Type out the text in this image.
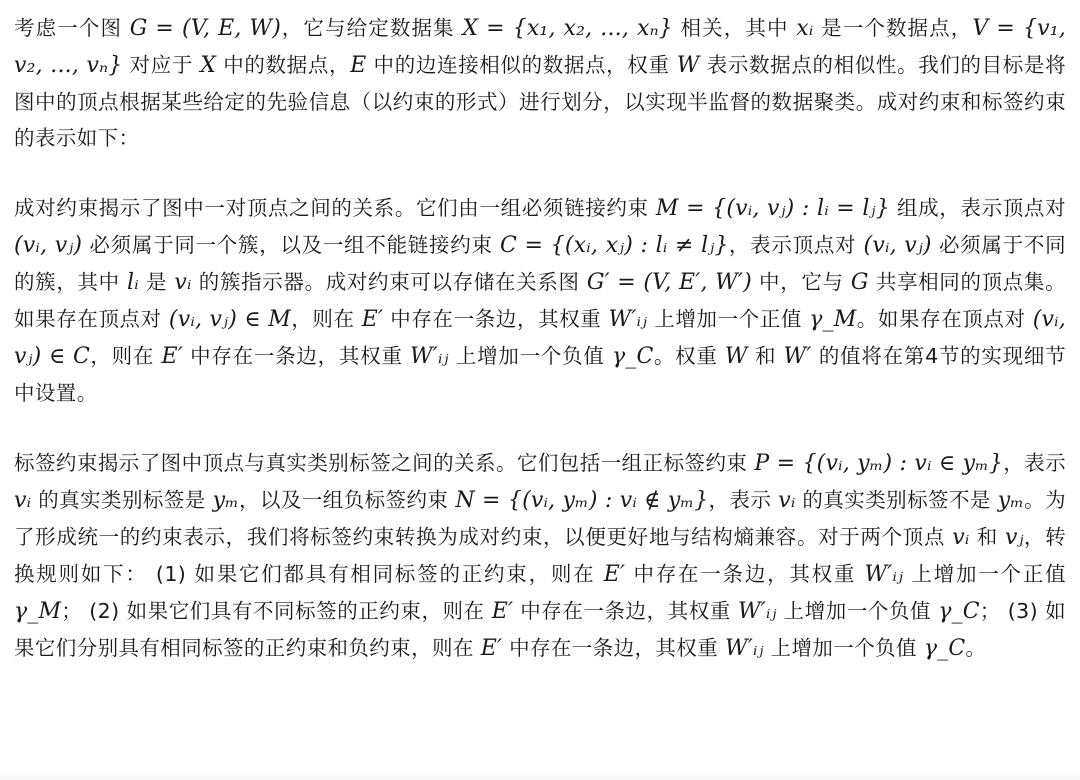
考虑一个图 G = (V, E, W)，它与给定数据集 X = {x₁, x₂, ..., xₙ} 相关，其中 xᵢ 是一个数据点，V = {v₁, v₂, ..., vₙ} 对应于 X 中的数据点，E 中的边连接相似的数据点，权重 W 表示数据点的相似性。我们的目标是将图中的顶点根据某些给定的先验信息（以约束的形式）进行划分，以实现半监督的数据聚类。成对约束和标签约束的表示如下：

成对约束揭示了图中一对顶点之间的关系。它们由一组必须链接约束 M = {(vᵢ, vⱼ) : lᵢ = lⱼ} 组成，表示顶点对 (vᵢ, vⱼ) 必须属于同一个簇，以及一组不能链接约束 C = {(xᵢ, xⱼ) : lᵢ ≠ lⱼ}，表示顶点对 (vᵢ, vⱼ) 必须属于不同的簇，其中 lᵢ 是 vᵢ 的簇指示器。成对约束可以存储在关系图 G′ = (V, E′, W′) 中，它与 G 共享相同的顶点集。如果存在顶点对 (vᵢ, vⱼ) ∈ M，则在 E′ 中存在一条边，其权重 W′ᵢⱼ 上增加一个正值 γ_M。如果存在顶点对 (vᵢ, vⱼ) ∈ C，则在 E′ 中存在一条边，其权重 W′ᵢⱼ 上增加一个负值 γ_C。权重 W 和 W′ 的值将在第4节的实现细节中设置。

标签约束揭示了图中顶点与真实类别标签之间的关系。它们包括一组正标签约束 P = {(vᵢ, yₘ) : vᵢ ∈ yₘ}，表示 vᵢ 的真实类别标签是 yₘ，以及一组负标签约束 N = {(vᵢ, yₘ) : vᵢ ∉ yₘ}，表示 vᵢ 的真实类别标签不是 yₘ。为了形成统一的约束表示，我们将标签约束转换为成对约束，以便更好地与结构熵兼容。对于两个顶点 vᵢ 和 vⱼ，转换规则如下： (1) 如果它们都具有相同标签的正约束，则在 E′ 中存在一条边，其权重 W′ᵢⱼ 上增加一个正值 γ_M； (2) 如果它们具有不同标签的正约束，则在 E′ 中存在一条边，其权重 W′ᵢⱼ 上增加一个负值 γ_C； (3) 如果它们分别具有相同标签的正约束和负约束，则在 E′ 中存在一条边，其权重 W′ᵢⱼ 上增加一个负值 γ_C。
